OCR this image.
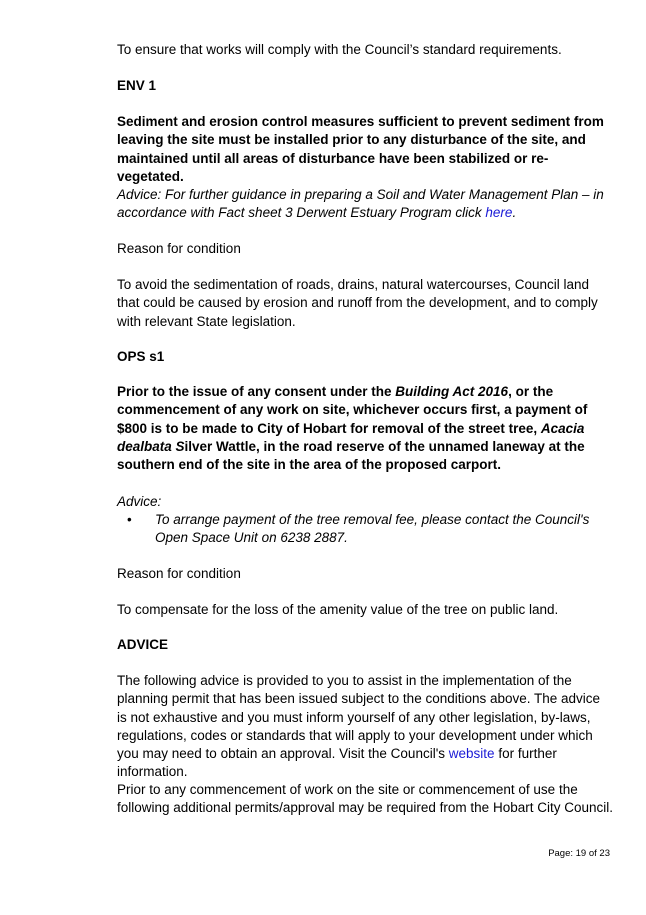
To ensure that works will comply with the Council’s standard requirements.

ENV 1

Sediment and erosion control measures sufficient to prevent sediment from leaving the site must be installed prior to any disturbance of the site, and maintained until all areas of disturbance have been stabilized or re-vegetated.

Advice: For further guidance in preparing a Soil and Water Management Plan – in accordance with Fact sheet 3 Derwent Estuary Program click here.

Reason for condition

To avoid the sedimentation of roads, drains, natural watercourses, Council land that could be caused by erosion and runoff from the development, and to comply with relevant State legislation.

OPS s1

Prior to the issue of any consent under the Building Act 2016, or the commencement of any work on site, whichever occurs first, a payment of $800 is to be made to City of Hobart for removal of the street tree, Acacia dealbata Silver Wattle, in the road reserve of the unnamed laneway at the southern end of the site in the area of the proposed carport.

Advice:

• To arrange payment of the tree removal fee, please contact the Council's Open Space Unit on 6238 2887.

Reason for condition

To compensate for the loss of the amenity value of the tree on public land.

ADVICE

The following advice is provided to you to assist in the implementation of the planning permit that has been issued subject to the conditions above. The advice is not exhaustive and you must inform yourself of any other legislation, by-laws, regulations, codes or standards that will apply to your development under which you may need to obtain an approval. Visit the Council's website for further information.

Prior to any commencement of work on the site or commencement of use the following additional permits/approval may be required from the Hobart City Council.

Page: 19 of 23
